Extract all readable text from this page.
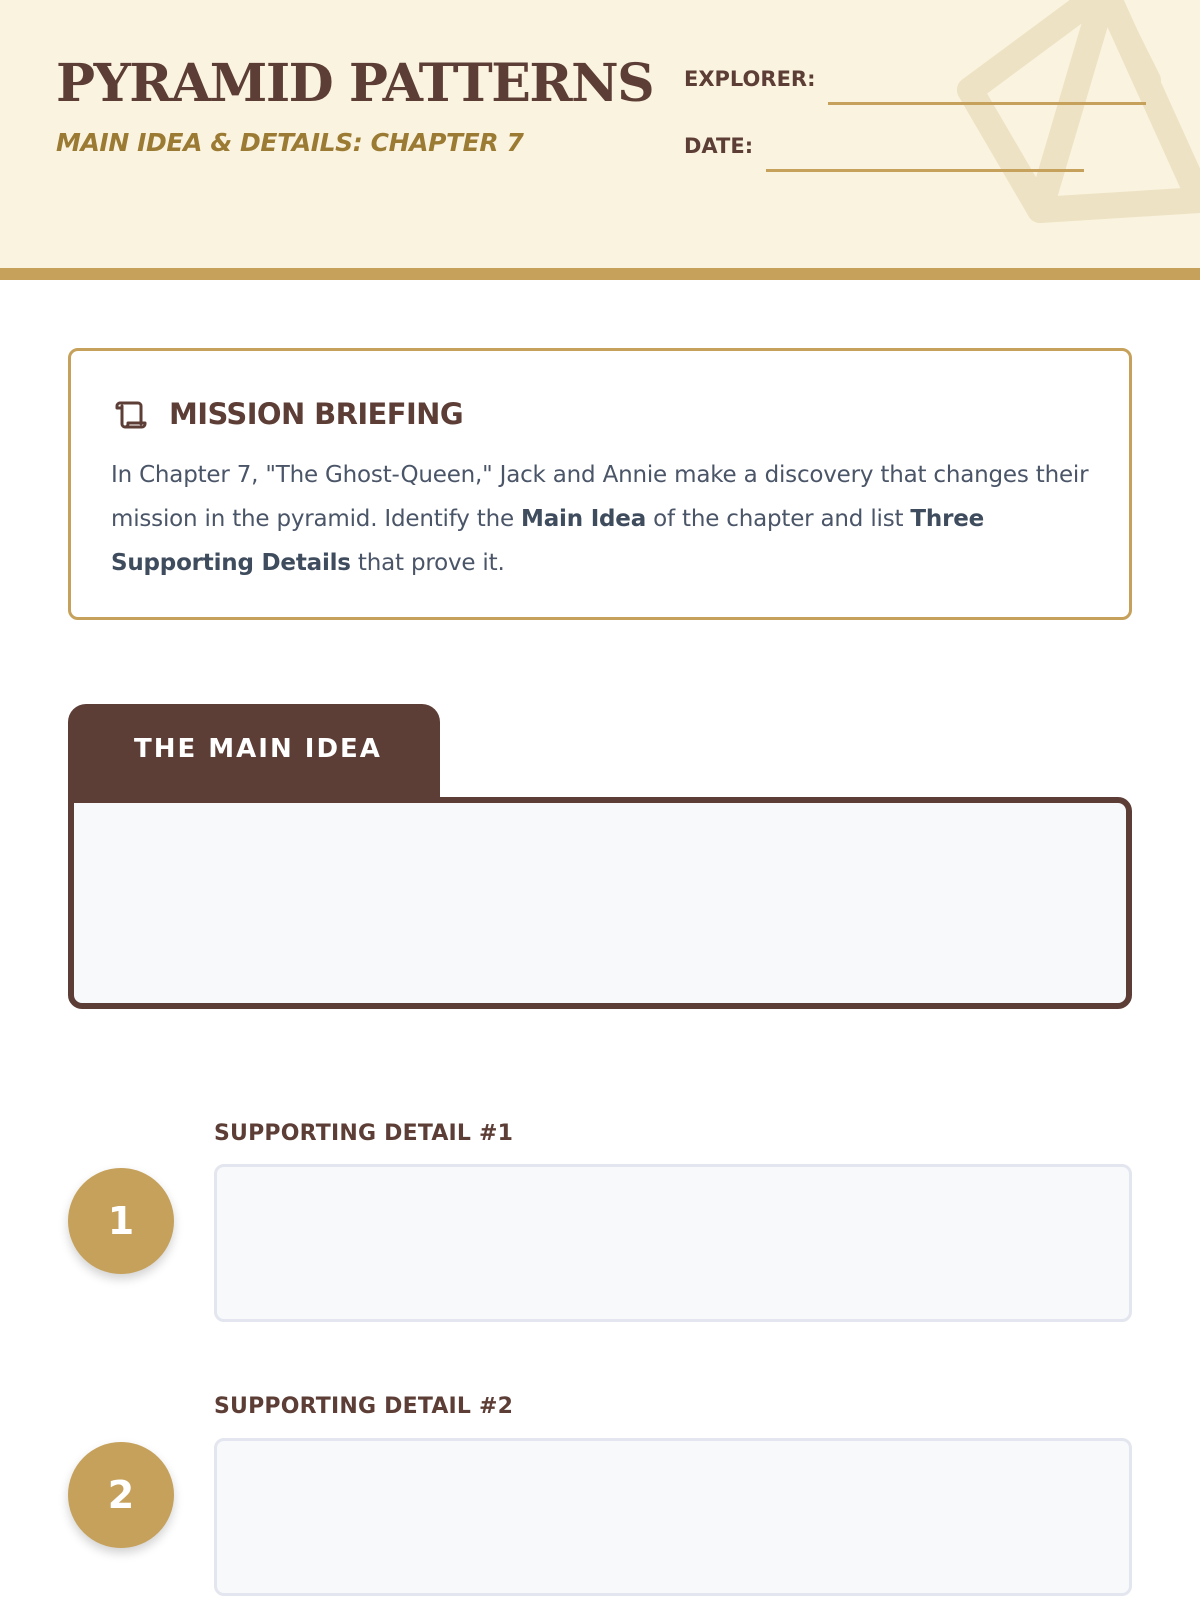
PYRAMID PATTERNS
MAIN IDEA & DETAILS: CHAPTER 7
EXPLORER:
DATE:
MISSION BRIEFING

In Chapter 7, "The Ghost-Queen," Jack and Annie make a discovery that changes their mission in the pyramid. Identify the Main Idea of the chapter and list Three Supporting Details that prove it.

THE MAIN IDEA
SUPPORTING DETAIL #1
1
SUPPORTING DETAIL #2
2
